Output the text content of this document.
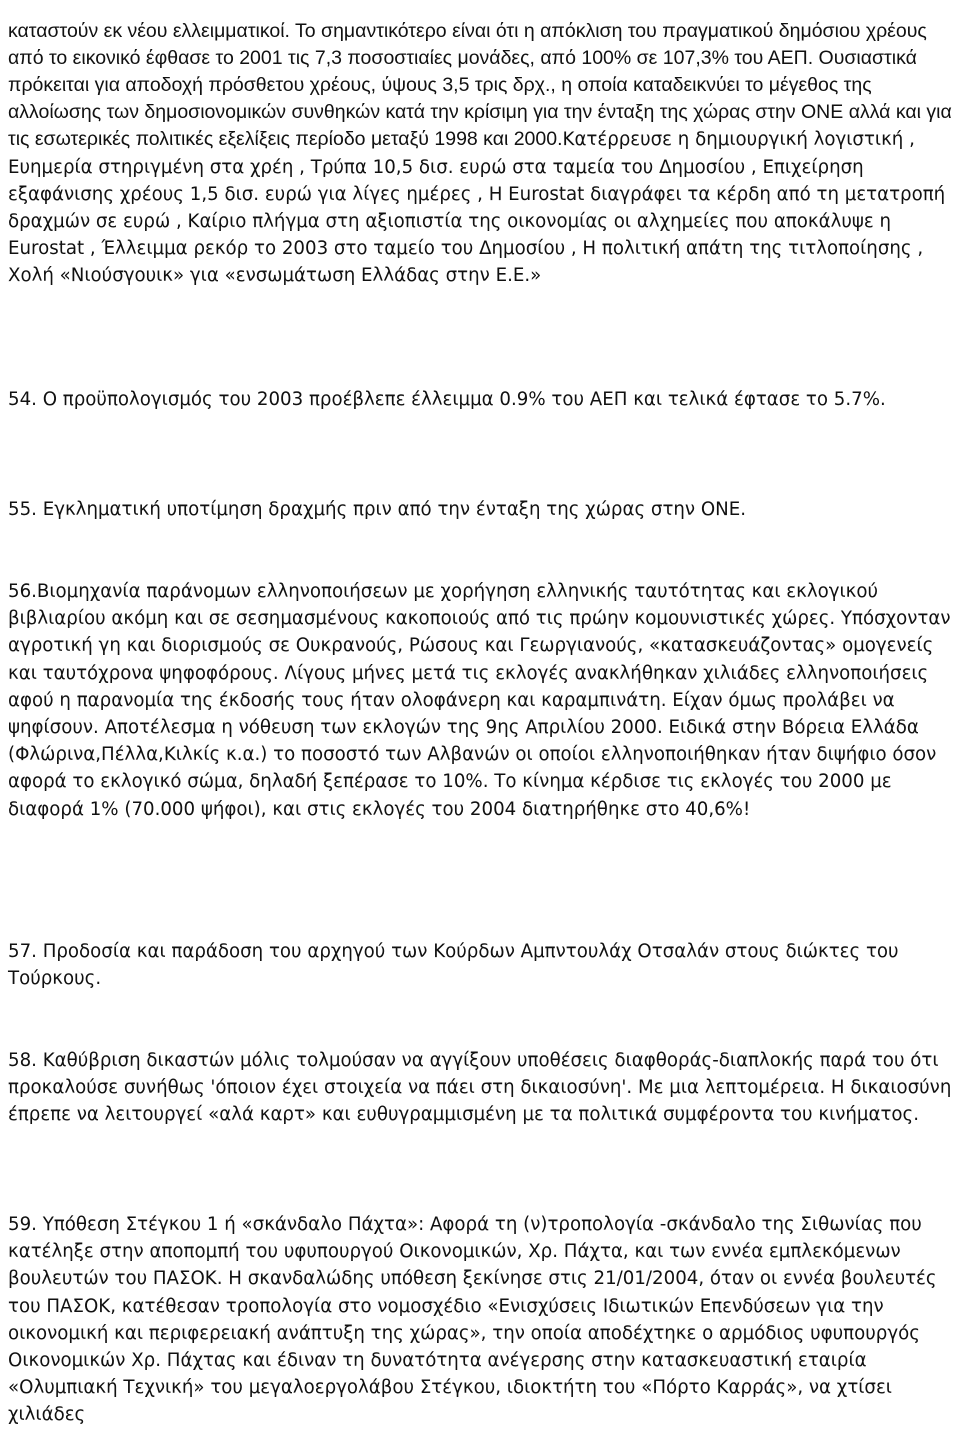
καταστούν εκ νέου ελλειμματικοί. Το σημαντικότερο είναι ότι η απόκλιση του πραγματικού δημόσιου χρέους από το εικονικό έφθασε το 2001 τις 7,3 ποσοστιαίες μονάδες, από 100% σε 107,3% του ΑΕΠ. Ουσιαστικά πρόκειται για αποδοχή πρόσθετου χρέους, ύψους 3,5 τρις δρχ., η οποία καταδεικνύει το μέγεθος της αλλοίωσης των δημοσιονομικών συνθηκών κατά την κρίσιμη για την ένταξη της χώρας στην ΟΝΕ αλλά και για τις εσωτερικές πολιτικές εξελίξεις περίοδο μεταξύ 1998 και 2000.Κατέρρευσε η δημιουργική λογιστική , Ευημερία στηριγμένη στα χρέη , Τρύπα 10,5 δισ. ευρώ στα ταμεία του Δημοσίου , Επιχείρηση εξαφάνισης χρέους 1,5 δισ. ευρώ για λίγες ημέρες , Η Eurostat διαγράφει τα κέρδη από τη μετατροπή δραχμών σε ευρώ , Καίριο πλήγμα στη αξιοπιστία της οικονομίας οι αλχημείες που αποκάλυψε η Eurostat , Έλλειμμα ρεκόρ το 2003 στο ταμείο του Δημοσίου , Η πολιτική απάτη της τιτλοποίησης , Χολή «Νιούσγουικ» για «ενσωμάτωση Ελλάδας στην Ε.Ε.»

54. Ο προϋπολογισμός του 2003 προέβλεπε έλλειμμα 0.9% του ΑΕΠ και τελικά έφτασε το 5.7%.

55. Εγκληματική υποτίμηση δραχμής πριν από την ένταξη της χώρας στην ΟΝΕ.

56.Βιομηχανία παράνομων ελληνοποιήσεων με χορήγηση ελληνικής ταυτότητας και εκλογικού βιβλιαρίου ακόμη και σε σεσημασμένους κακοποιούς από τις πρώην κομουνιστικές χώρες. Υπόσχονταν αγροτική γη και διορισμούς σε Ουκρανούς, Ρώσους και Γεωργιανούς, «κατασκευάζοντας» ομογενείς και ταυτόχρονα ψηφοφόρους. Λίγους μήνες μετά τις εκλογές ανακλήθηκαν χιλιάδες ελληνοποιήσεις αφού η παρανομία της έκδοσής τους ήταν ολοφάνερη και καραμπινάτη. Είχαν όμως προλάβει να ψηφίσουν. Αποτέλεσμα η νόθευση των εκλογών της 9ης Απριλίου 2000. Ειδικά στην Βόρεια Ελλάδα (Φλώρινα,Πέλλα,Κιλκίς κ.α.) το ποσοστό των Αλβανών οι οποίοι ελληνοποιήθηκαν ήταν διψήφιο όσον αφορά το εκλογικό σώμα, δηλαδή ξεπέρασε το 10%. Το κίνημα κέρδισε τις εκλογές του 2000 με διαφορά 1% (70.000 ψήφοι), και στις εκλογές του 2004 διατηρήθηκε στο 40,6%!

57. Προδοσία και παράδοση του αρχηγού των Κούρδων Αμπντουλάχ Οτσαλάν στους διώκτες του Τούρκους.

58. Καθύβριση δικαστών μόλις τολμούσαν να αγγίξουν υποθέσεις διαφθοράς-διαπλοκής παρά του ότι προκαλούσε συνήθως 'όποιον έχει στοιχεία να πάει στη δικαιοσύνη'. Με μια λεπτομέρεια. Η δικαιοσύνη έπρεπε να λειτουργεί «αλά καρτ» και ευθυγραμμισμένη με τα πολιτικά συμφέροντα του κινήματος.

59. Υπόθεση Στέγκου 1 ή «σκάνδαλο Πάχτα»: Αφορά τη (ν)τροπολογία -σκάνδαλο της Σιθωνίας που κατέληξε στην αποπομπή του υφυπουργού Οικονομικών, Χρ. Πάχτα, και των εννέα εμπλεκόμενων βουλευτών του ΠΑΣΟΚ. Η σκανδαλώδης υπόθεση ξεκίνησε στις 21/01/2004, όταν οι εννέα βουλευτές του ΠΑΣΟΚ, κατέθεσαν τροπολογία στο νομοσχέδιο «Ενισχύσεις Ιδιωτικών Επενδύσεων για την οικονομική και περιφερειακή ανάπτυξη της χώρας», την οποία αποδέχτηκε ο αρμόδιος υφυπουργός Οικονομικών Χρ. Πάχτας και έδιναν τη δυνατότητα ανέγερσης στην κατασκευαστική εταιρία «Ολυμπιακή Τεχνική» του μεγαλοεργολάβου Στέγκου, ιδιοκτήτη του «Πόρτο Καρράς», να χτίσει χιλιάδες
